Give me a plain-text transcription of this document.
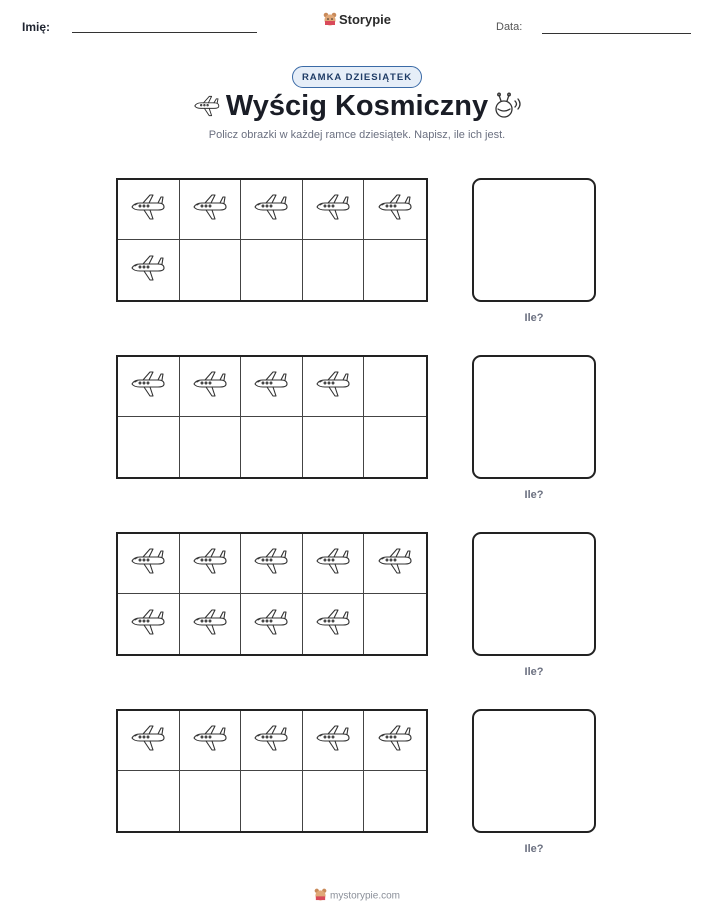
Imię:	Storypie	Data:
RAMKA DZIESIĄTEK
Wyścig Kosmiczny
Policz obrazki w każdej ramce dziesiątek. Napisz, ile ich jest.
Ile?
Ile?
Ile?
Ile?
mystorypie.com
